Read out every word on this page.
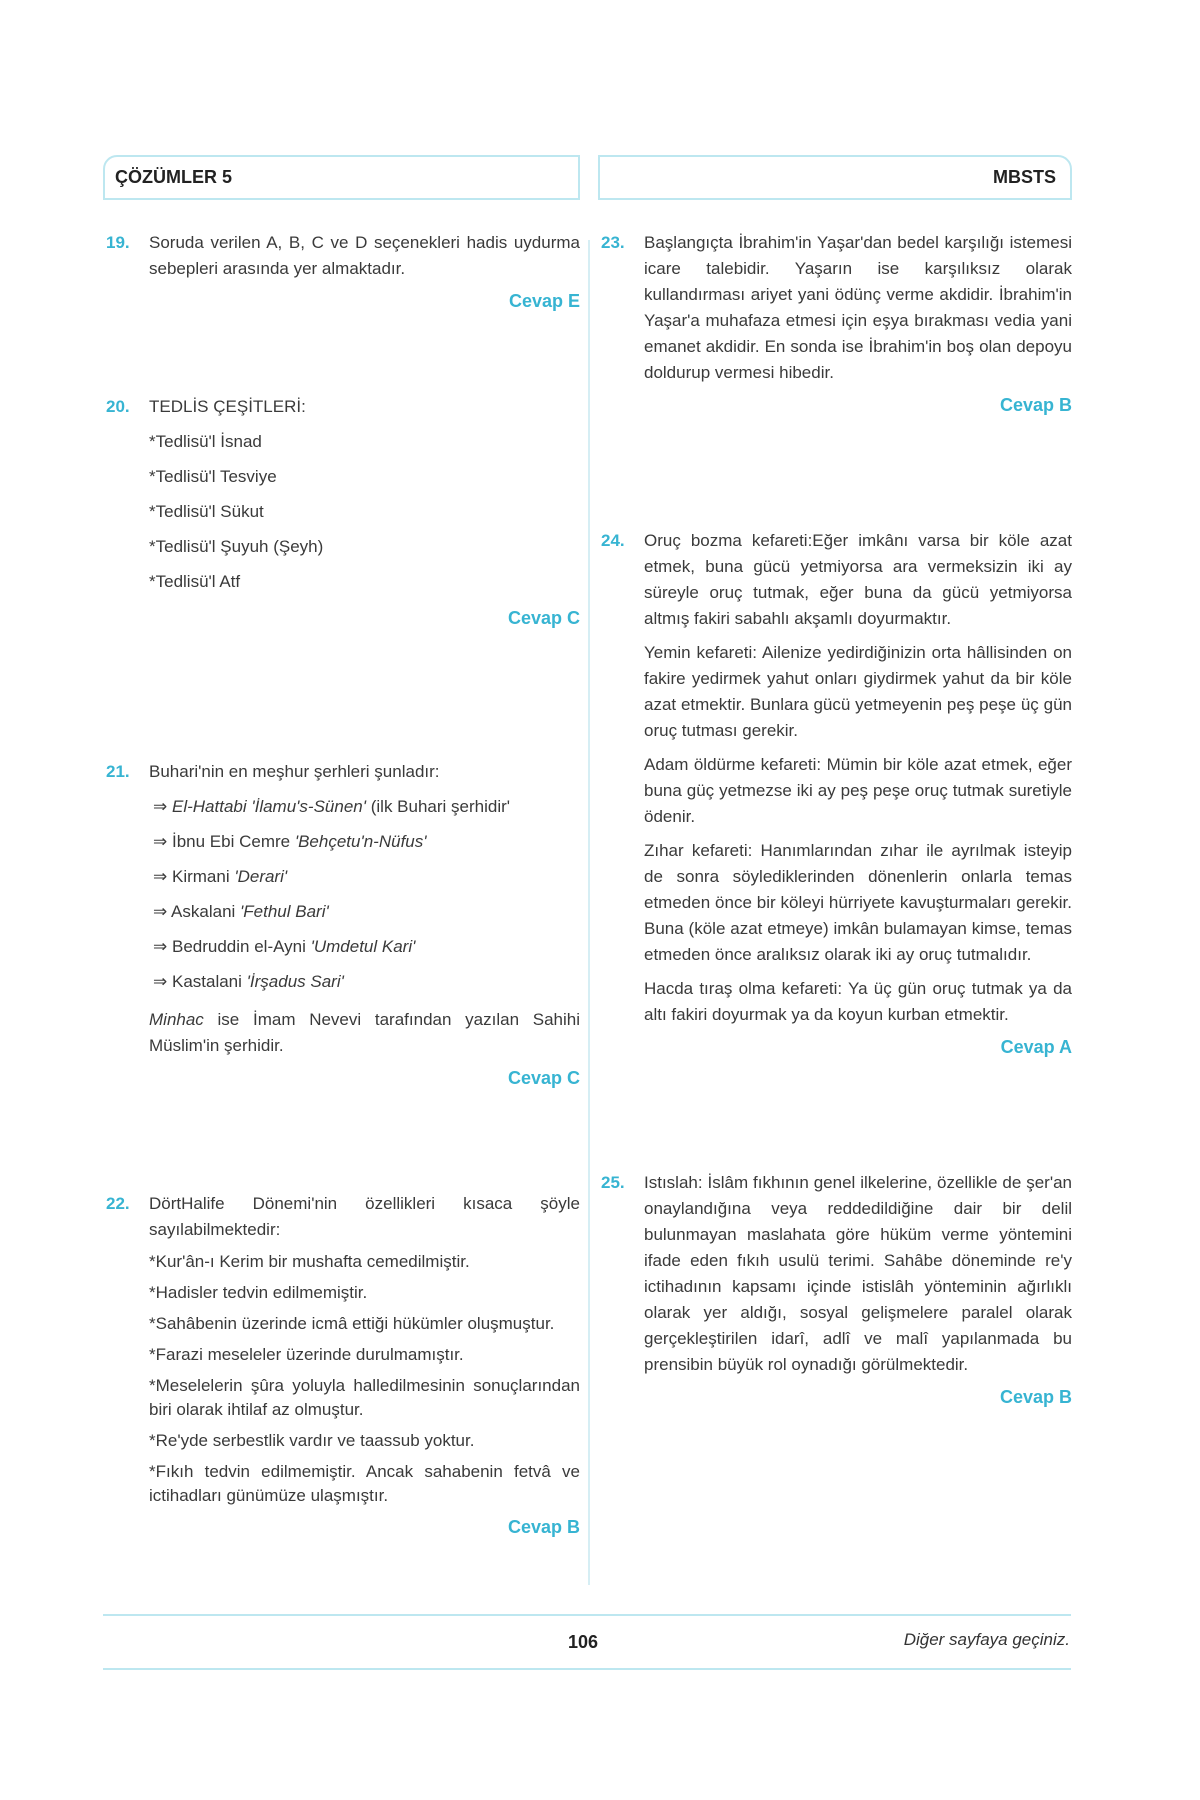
ÇÖZÜMLER 5	MBSTS
19. Soruda verilen A, B, C ve D seçenekleri hadis uydurma sebepleri arasında yer almaktadır.

Cevap E
20. TEDLİS ÇEŞİTLERİ:

*Tedlisü'l İsnad

*Tedlisü'l Tesviye

*Tedlisü'l Sükut

*Tedlisü'l Şuyuh (Şeyh)

*Tedlisü'l Atf

Cevap C
21. Buhari'nin en meşhur şerhleri şunladır:

⇒ El-Hattabi 'İlamu's-Sünen' (ilk Buhari şerhidir'

⇒ İbnu Ebi Cemre 'Behçetu'n-Nüfus'

⇒ Kirmani 'Derari'

⇒ Askalani 'Fethul Bari'

⇒ Bedruddin el-Ayni 'Umdetul Kari'

⇒ Kastalani 'İrşadus Sari'

Minhac ise İmam Nevevi tarafından yazılan Sahihi Müslim'in şerhidir.

Cevap C
22. DörtHalife Dönemi'nin özellikleri kısaca şöyle sayılabilmektedir:

*Kur'ân-ı Kerim bir mushafta cemedilmiştir.

*Hadisler tedvin edilmemiştir.

*Sahâbenin üzerinde icmâ ettiği hükümler oluşmuştur.

*Farazi meseleler üzerinde durulmamıştır.

*Meselelerin şûra yoluyla halledilmesinin sonuçlarından biri olarak ihtilaf az olmuştur.

*Re'yde serbestlik vardır ve taassub yoktur.

*Fıkıh tedvin edilmemiştir. Ancak sahabenin fetvâ ve ictihadları günümüze ulaşmıştır.

Cevap B
23. Başlangıçta İbrahim'in Yaşar'dan bedel karşılığı istemesi icare talebidir. Yaşarın ise karşılıksız olarak kullandırması ariyet yani ödünç verme akdidir. İbrahim'in Yaşar'a muhafaza etmesi için eşya bırakması vedia yani emanet akdidir. En sonda ise İbrahim'in boş olan depoyu doldurup vermesi hibedir.

Cevap B
24. Oruç bozma kefareti:Eğer imkânı varsa bir köle azat etmek, buna gücü yetmiyorsa ara vermeksizin iki ay süreyle oruç tutmak, eğer buna da gücü yetmiyorsa altmış fakiri sabahlı akşamlı doyurmaktır.

Yemin kefareti: Ailenize yedirdiğinizin orta hâllisinden on fakire yedirmek yahut onları giydirmek yahut da bir köle azat etmektir. Bunlara gücü yetmeyenin peş peşe üç gün oruç tutması gerekir.

Adam öldürme kefareti: Mümin bir köle azat etmek, eğer buna güç yetmezse iki ay peş peşe oruç tutmak suretiyle ödenir.

Zıhar kefareti: Hanımlarından zıhar ile ayrılmak isteyip de sonra söylediklerinden dönenlerin onlarla temas etmeden önce bir köleyi hürriyete kavuşturmaları gerekir. Buna (köle azat etmeye) imkân bulamayan kimse, temas etmeden önce aralıksız olarak iki ay oruç tutmalıdır.

Hacda tıraş olma kefareti: Ya üç gün oruç tutmak ya da altı fakiri doyurmak ya da koyun kurban etmektir.

Cevap A
25. Istıslah: İslâm fıkhının genel ilkelerine, özellikle de şer'an onaylandığına veya reddedildiğine dair bir delil bulunmayan maslahata göre hüküm verme yöntemini ifade eden fıkıh usulü terimi. Sahâbe döneminde re'y ictihadının kapsamı içinde istislâh yönteminin ağırlıklı olarak yer aldığı, sosyal gelişmelere paralel olarak gerçekleştirilen idarî, adlî ve malî yapılanmada bu prensibin büyük rol oynadığı görülmektedir.

Cevap B
106	Diğer sayfaya geçiniz.
